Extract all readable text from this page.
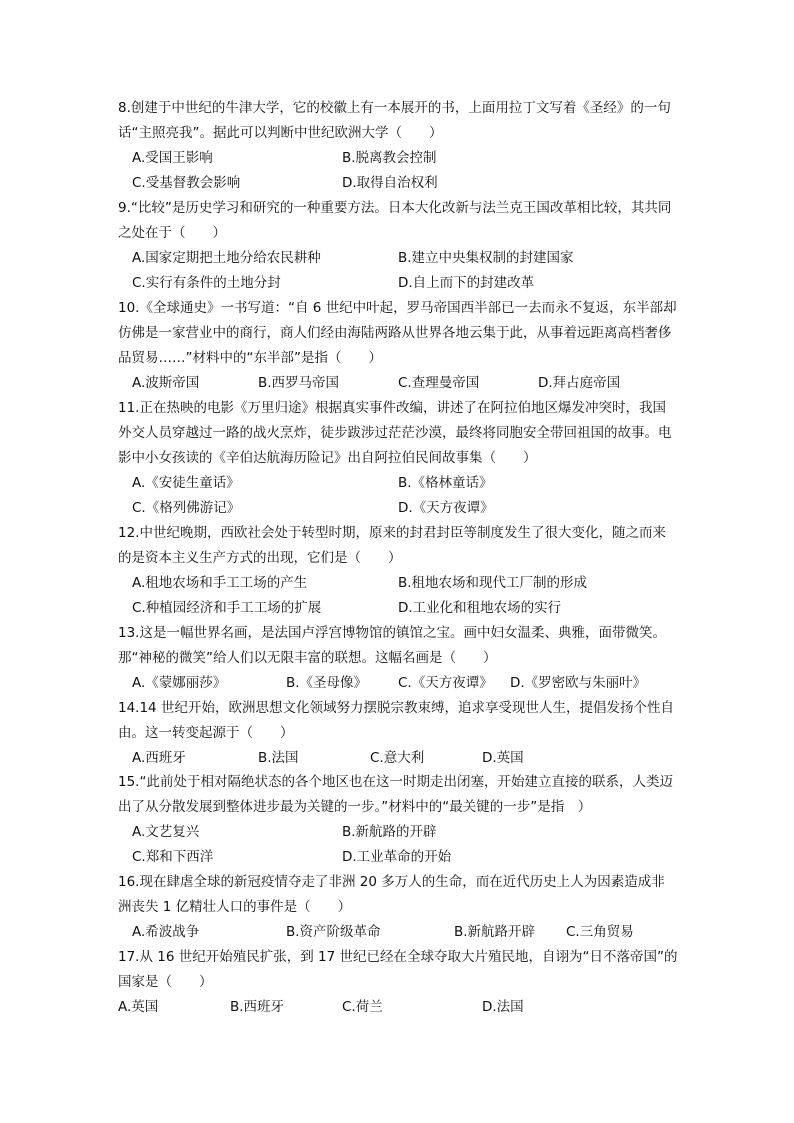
8.创建于中世纪的牛津大学，它的校徽上有一本展开的书，上面用拉丁文写着《圣经》的一句话“主照亮我”。据此可以判断中世纪欧洲大学（　　）

A.受国王影响	B.脱离教会控制
C.受基督教会影响	D.取得自治权利

9.“比较”是历史学习和研究的一种重要方法。日本大化改新与法兰克王国改革相比较，其共同之处在于（　　）

A.国家定期把土地分给农民耕种	B.建立中央集权制的封建国家
C.实行有条件的土地分封	D.自上而下的封建改革

10.《全球通史》一书写道：“自 6 世纪中叶起，罗马帝国西半部已一去而永不复返，东半部却仿佛是一家营业中的商行，商人们经由海陆两路从世界各地云集于此，从事着远距离高档奢侈品贸易……”材料中的“东半部”是指（　　）

A.波斯帝国	B.西罗马帝国	C.查理曼帝国	D.拜占庭帝国

11.正在热映的电影《万里归途》根据真实事件改编，讲述了在阿拉伯地区爆发冲突时，我国外交人员穿越过一路的战火烹炸，徒步跋涉过茫茫沙漠，最终将同胞安全带回祖国的故事。电影中小女孩读的《辛伯达航海历险记》出自阿拉伯民间故事集（　　）

A.《安徒生童话》	B.《格林童话》
C.《格列佛游记》	D.《天方夜谭》

12.中世纪晚期，西欧社会处于转型时期，原来的封君封臣等制度发生了很大变化，随之而来的是资本主义生产方式的出现，它们是（　　）

A.租地农场和手工工场的产生	B.租地农场和现代工厂制的形成
C.种植园经济和手工工场的扩展	D.工业化和租地农场的实行

13.这是一幅世界名画，是法国卢浮宫博物馆的镇馆之宝。画中妇女温柔、典雅，面带微笑。那“神秘的微笑”给人们以无限丰富的联想。这幅名画是（　　）

A.《蒙娜丽莎》	B.《圣母像》 C.《天方夜谭》 D.《罗密欧与朱丽叶》

14.14 世纪开始，欧洲思想文化领域努力摆脱宗教束缚，追求享受现世人生，提倡发扬个性自由。这一转变起源于（　　）

A.西班牙	B.法国	C.意大利	D.英国

15.“此前处于相对隔绝状态的各个地区也在这一时期走出闭塞，开始建立直接的联系，人类迈出了从分散发展到整体进步最为关键的一步。”材料中的“最关键的一步”是指　）

A.文艺复兴	B.新航路的开辟
C.郑和下西洋	D.工业革命的开始

16.现在肆虐全球的新冠疫情夺走了非洲 20 多万人的生命，而在近代历史上人为因素造成非洲丧失 1 亿精壮人口的事件是（　　）

A.希波战争	B.资产阶级革命	B.新航路开辟 C.三角贸易

17.从 16 世纪开始殖民扩张，到 17 世纪已经在全球夺取大片殖民地，自诩为“日不落帝国”的国家是（　　）

A.英国	B.西班牙	C.荷兰	D.法国
